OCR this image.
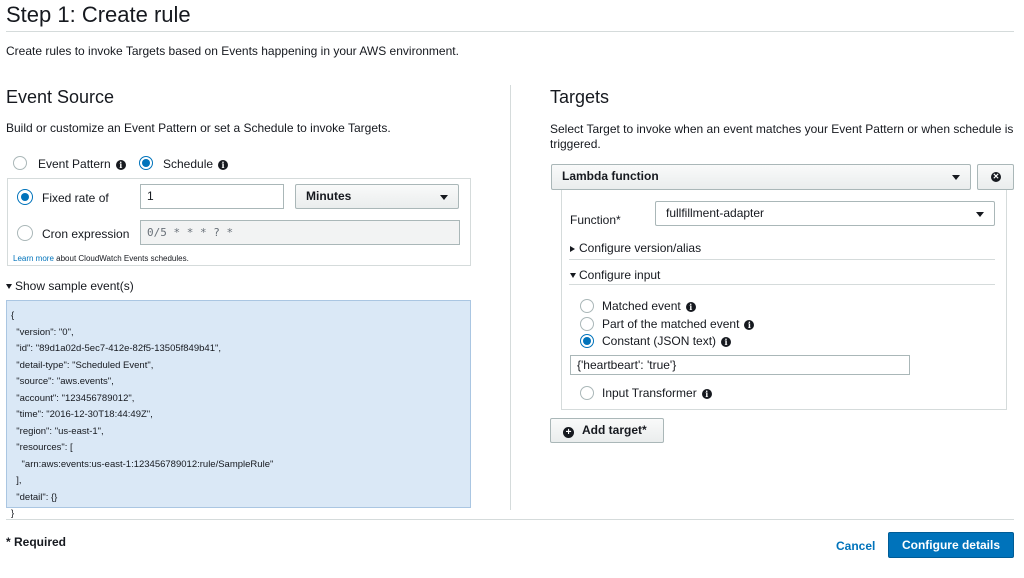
Step 1: Create rule
Create rules to invoke Targets based on Events happening in your AWS environment.
Event Source
Build or customize an Event Pattern or set a Schedule to invoke Targets.
Event Pattern i	Schedule i
Fixed rate of	1	Minutes
Cron expression	0/5 * * * ? *
Learn more about CloudWatch Events schedules.
Show sample event(s)
{
"version": "0",
"id": "89d1a02d-5ec7-412e-82f5-13505f849b41",
"detail-type": "Scheduled Event",
"source": "aws.events",
"account": "123456789012",
"time": "2016-12-30T18:44:49Z",
"region": "us-east-1",
"resources": [
"arn:aws:events:us-east-1:123456789012:rule/SampleRule"
],
"detail": {}
}
Targets
Select Target to invoke when an event matches your Event Pattern or when schedule is triggered.
Lambda function	✕
Function*	fullfillment-adapter
Configure version/alias
Configure input
Matched event i
Part of the matched event i
Constant (JSON text) i
{'heartbeart': 'true'}
Input Transformer i
+ Add target*
* Required	Cancel	Configure details
